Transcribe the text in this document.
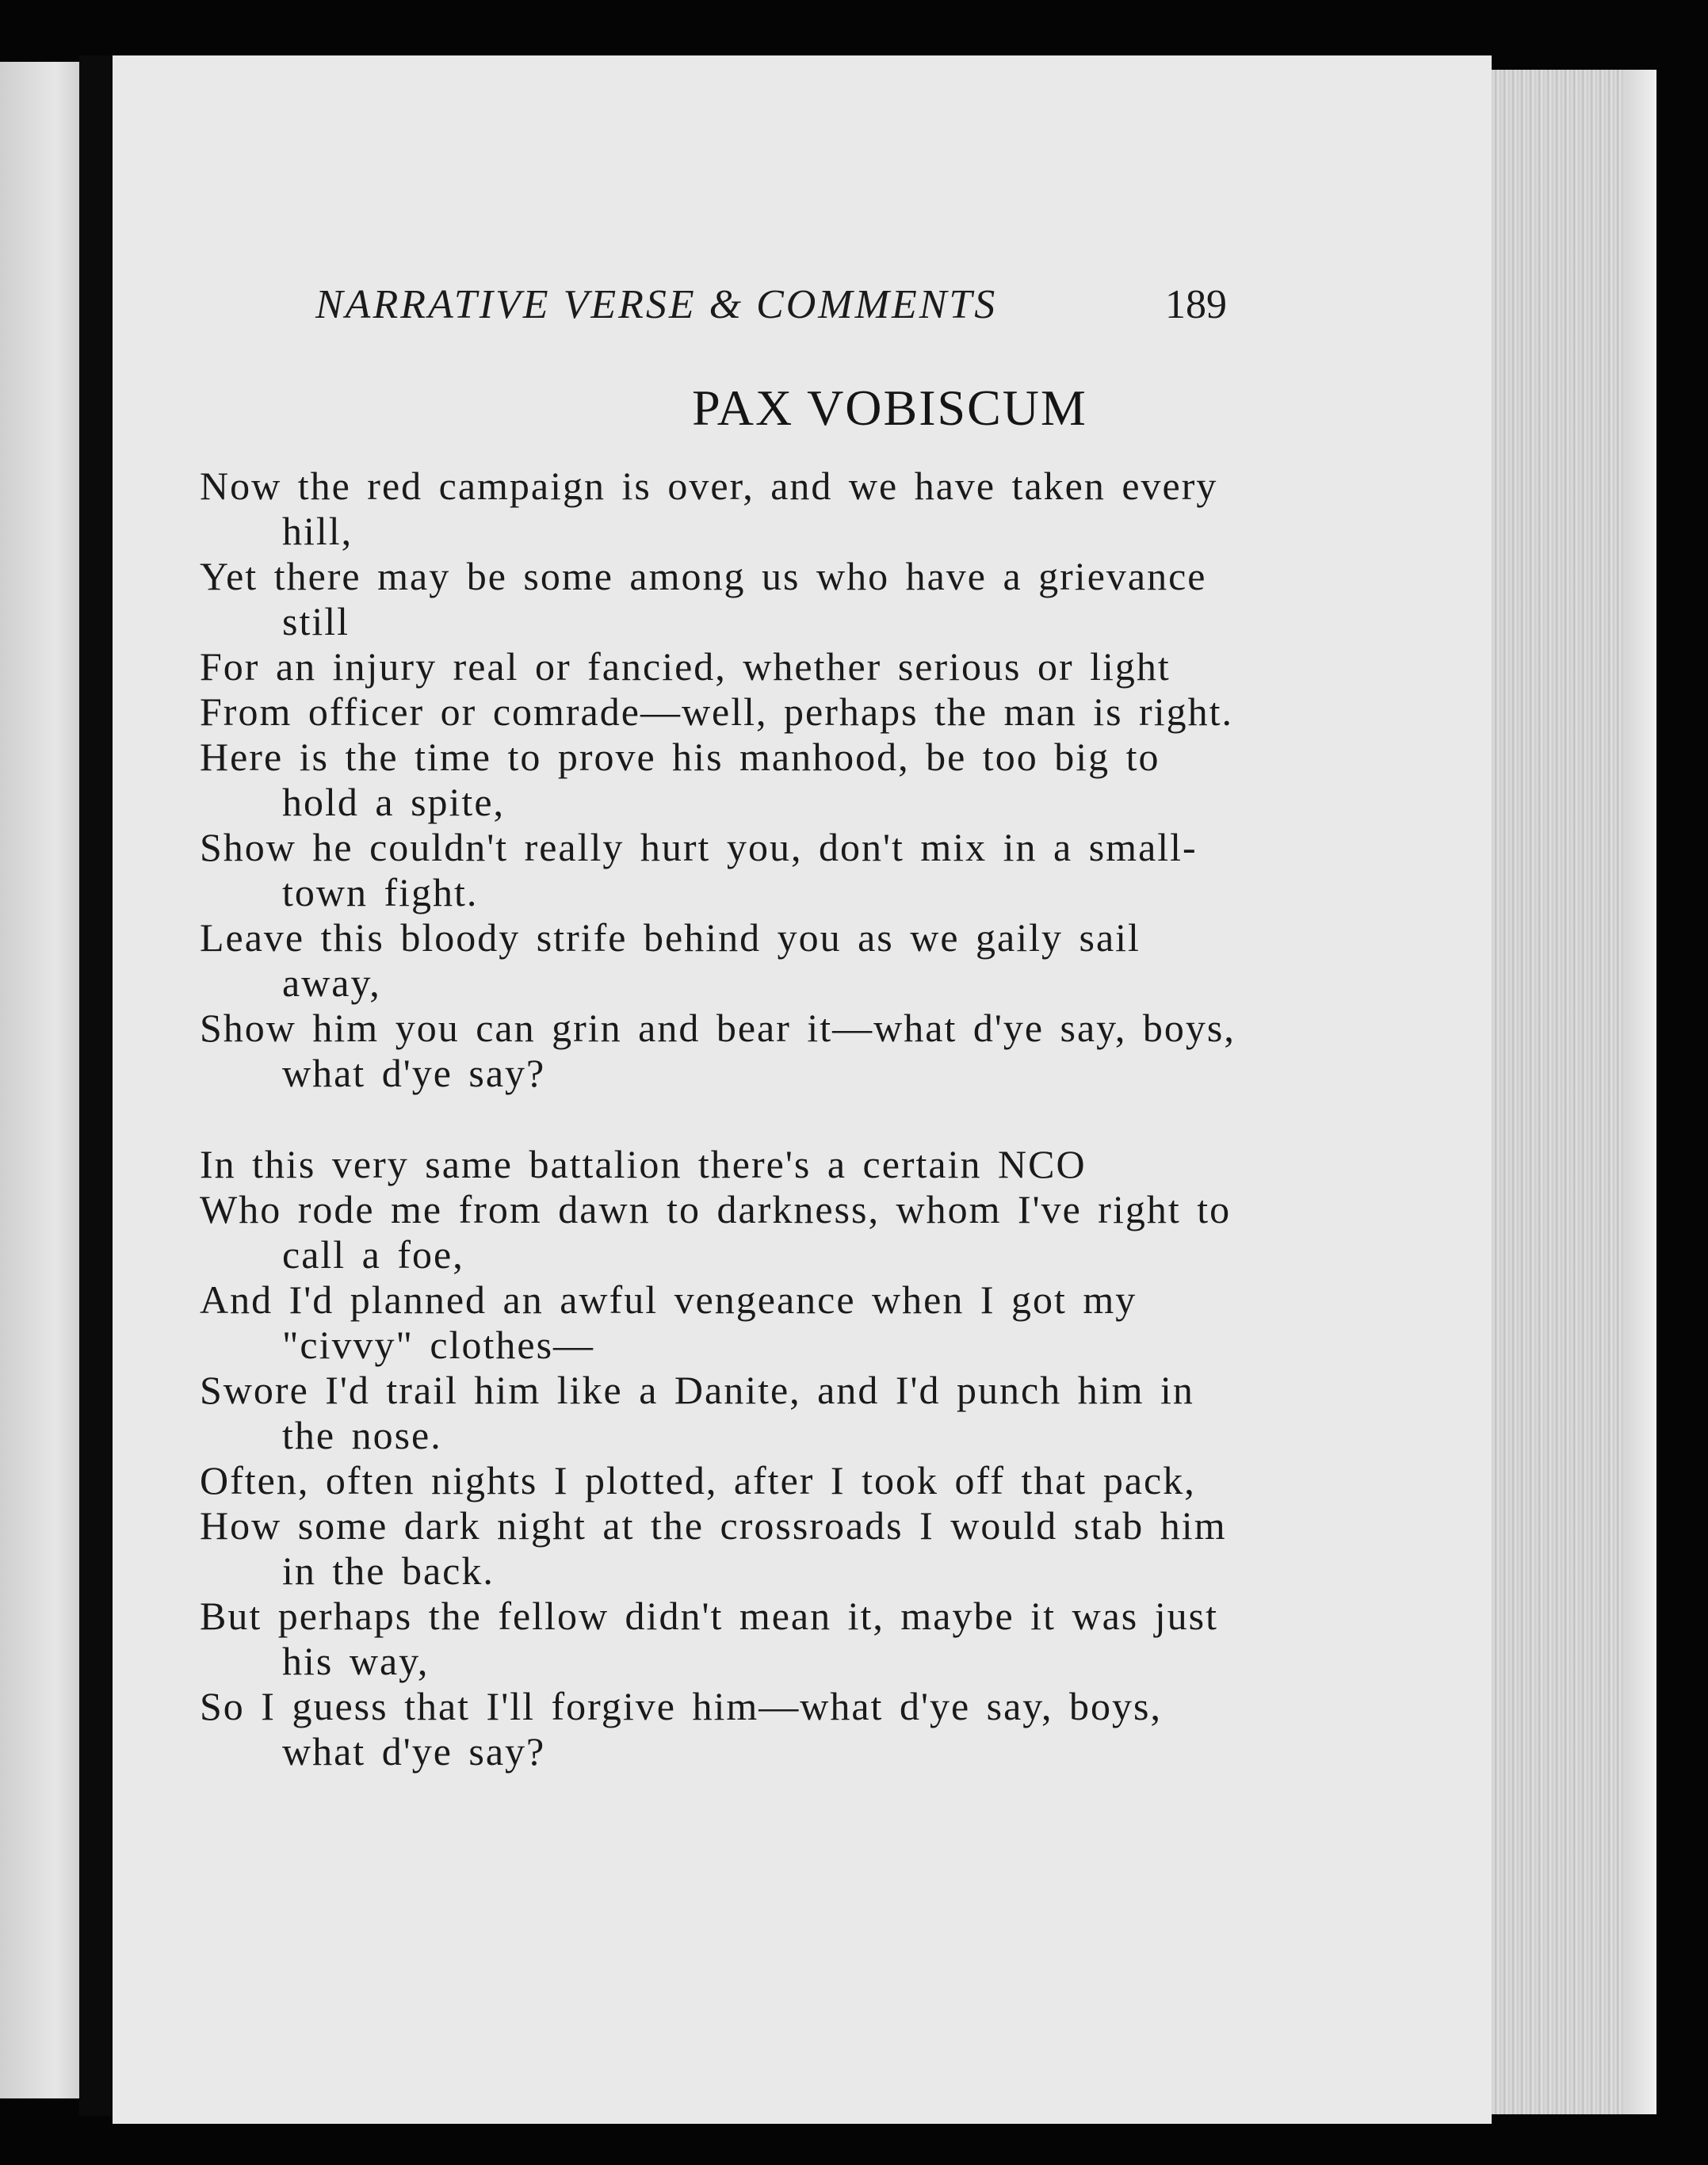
NARRATIVE VERSE & COMMENTS	189
PAX VOBISCUM
Now the red campaign is over, and we have taken every hill,
Yet there may be some among us who have a grievance still
For an injury real or fancied, whether serious or light
From officer or comrade—well, perhaps the man is right.
Here is the time to prove his manhood, be too big to hold a spite,
Show he couldn't really hurt you, don't mix in a small-town fight.
Leave this bloody strife behind you as we gaily sail away,
Show him you can grin and bear it—what d'ye say, boys, what d'ye say?
In this very same battalion there's a certain NCO
Who rode me from dawn to darkness, whom I've right to call a foe,
And I'd planned an awful vengeance when I got my "civvy" clothes—
Swore I'd trail him like a Danite, and I'd punch him in the nose.
Often, often nights I plotted, after I took off that pack,
How some dark night at the crossroads I would stab him in the back.
But perhaps the fellow didn't mean it, maybe it was just his way,
So I guess that I'll forgive him—what d'ye say, boys, what d'ye say?
